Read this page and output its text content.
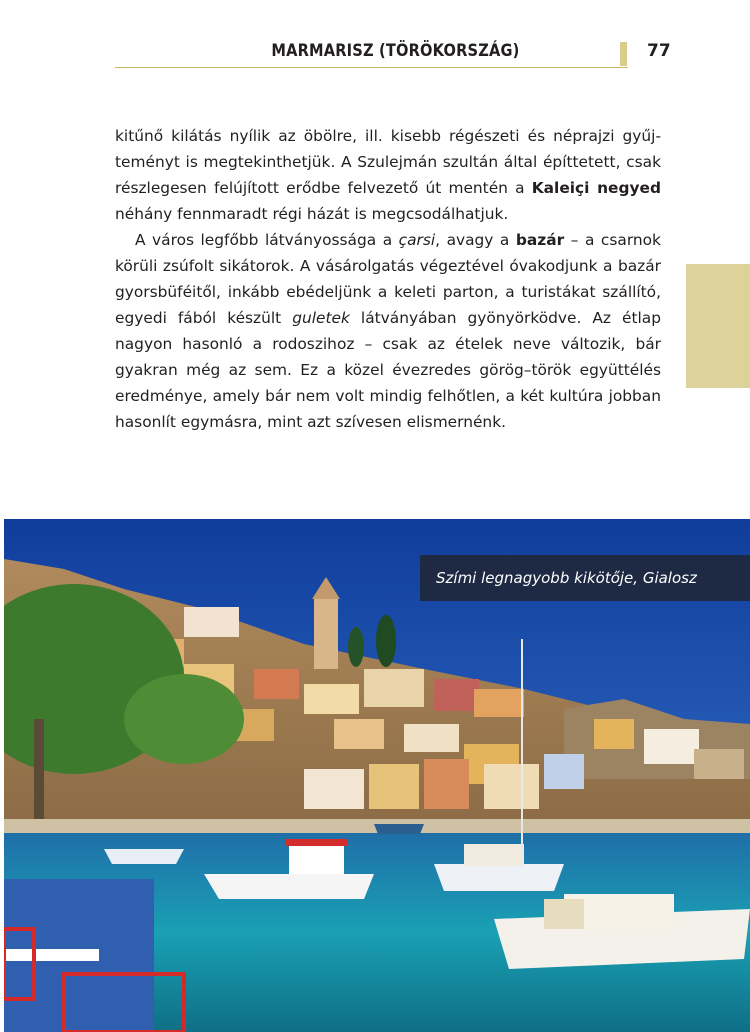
MARMARISZ (TÖRÖKORSZÁG)	77

kitűnő kilátás nyílik az öbölre, ill. kisebb régészeti és néprajzi gyűjteményt is megtekinthetjük. A Szulejmán szultán által építtetett, csak részlegesen felújított erődbe felvezető út mentén a Kaleiçi negyed néhány fennmaradt régi házát is megcsodálhatjuk.

A város legfőbb látványossága a çarsi, avagy a bazár – a csarnok körüli zsúfolt sikátorok. A vásárolgatás végeztével óvakodjunk a bazár gyorsbüféitől, inkább ebédeljünk a keleti parton, a turistákat szállító, egyedi fából készült guletek látványában gyönyörködve. Az étlap nagyon hasonló a rodoszihoz – csak az ételek neve változik, bár gyakran még az sem. Ez a közel évezredes görög–török együttélés eredménye, amely bár nem volt mindig felhőtlen, a két kultúra jobban hasonlít egymásra, mint azt szívesen elismernénk.

Szími legnagyobb kikötője, Gialosz
